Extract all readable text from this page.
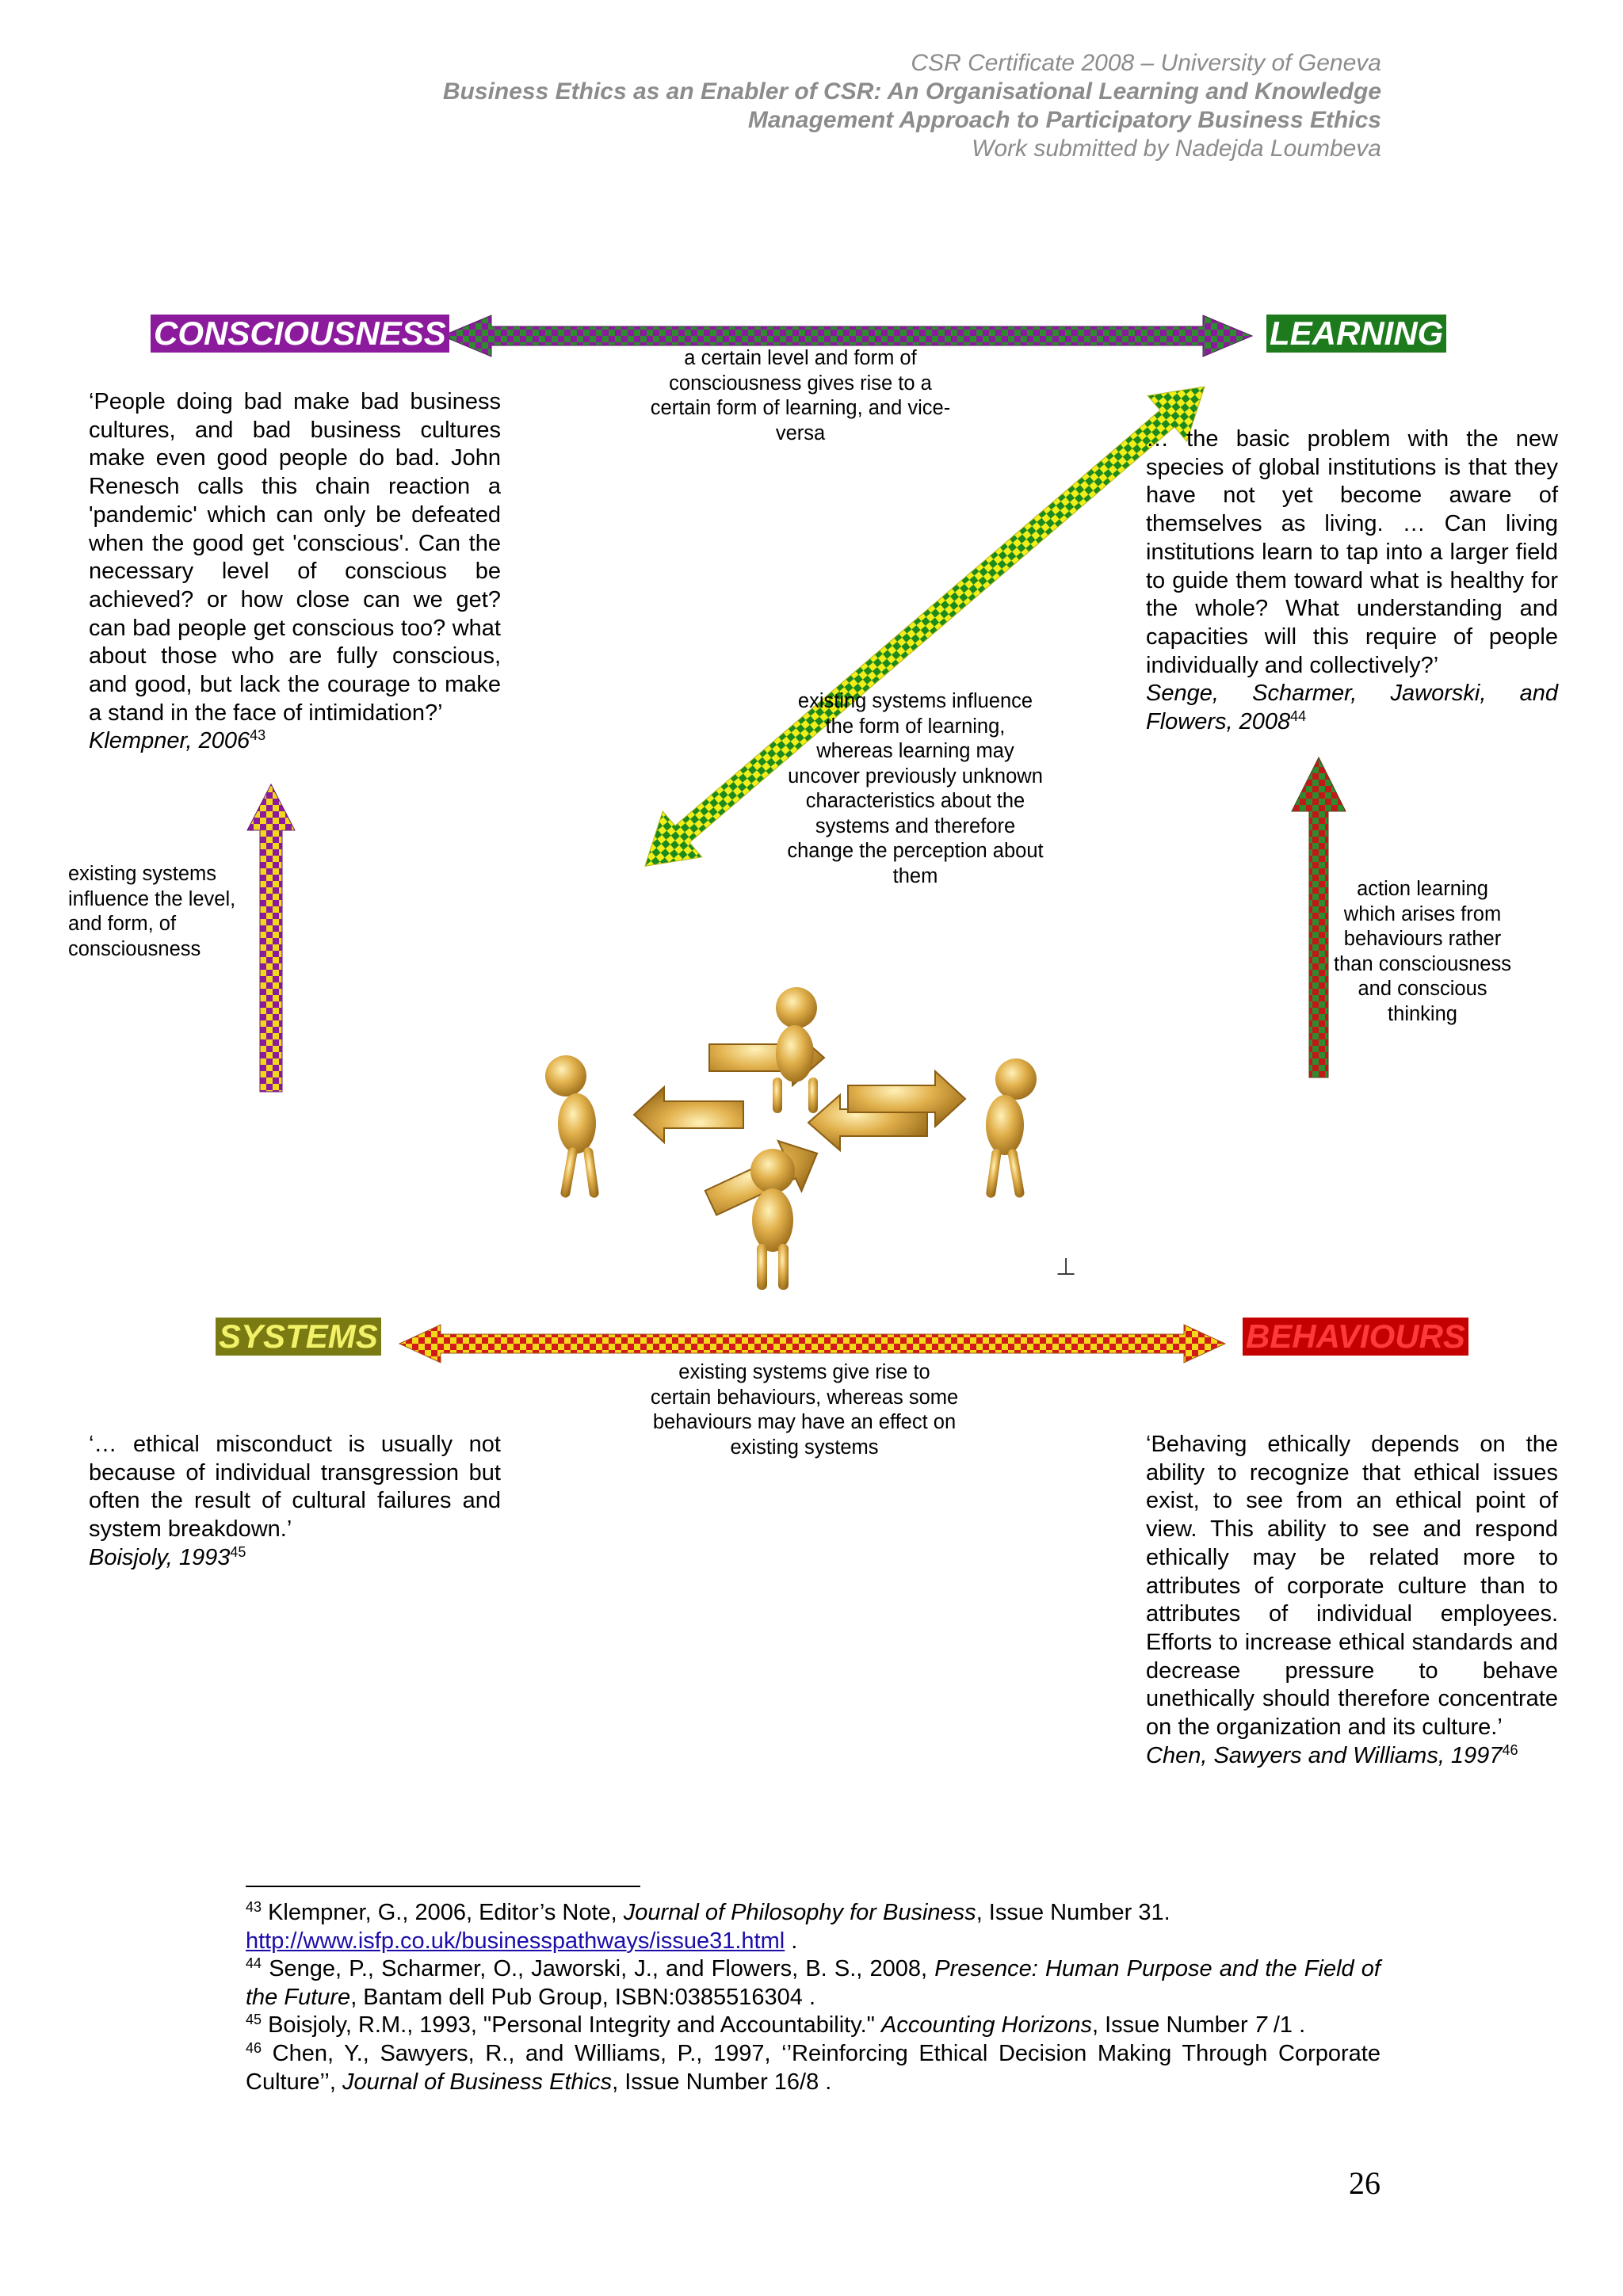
CSR Certificate 2008 – University of Geneva
Business Ethics as an Enabler of CSR: An Organisational Learning and Knowledge
Management Approach to Participatory Business Ethics
Work submitted by Nadejda Loumbeva
CONSCIOUSNESS	LEARNING
SYSTEMS	BEHAVIOURS
a certain level and form of consciousness gives rise to a certain form of learning, and vice-versa
existing systems influence the form of learning, whereas learning may uncover previously unknown characteristics about the systems and therefore change the perception about them
existing systems influence the level, and form, of consciousness
action learning which arises from behaviours rather than consciousness and conscious thinking
existing systems give rise to certain behaviours, whereas some behaviours may have an effect on existing systems
⊥
‘People doing bad make bad business cultures, and bad business cultures make even good people do bad. John Renesch calls this chain reaction a 'pandemic' which can only be defeated when the good get 'conscious'. Can the necessary level of conscious be achieved? or how close can we get? can bad people get conscious too? what about those who are fully conscious, and good, but lack the courage to make a stand in the face of intimidation?’
Klempner, 2006$^{43}$
… the basic problem with the new species of global institutions is that they have not yet become aware of themselves as living. … Can living institutions learn to tap into a larger field to guide them toward what is healthy for the whole? What understanding and capacities will this require of people individually and collectively?’
Senge, Scharmer, Jaworski, and Flowers, 2008$^{44}$
‘… ethical misconduct is usually not because of individual transgression but often the result of cultural failures and system breakdown.’
Boisjoly, 1993$^{45}$
‘Behaving ethically depends on the ability to recognize that ethical issues exist, to see from an ethical point of view. This ability to see and respond ethically may be related more to attributes of corporate culture than to attributes of individual employees. Efforts to increase ethical standards and decrease pressure to behave unethically should therefore concentrate on the organization and its culture.’
Chen, Sawyers and Williams, 1997$^{46}$
$^{43}$ Klempner, G., 2006, Editor’s Note, Journal of Philosophy for Business, Issue Number 31.
http://www.isfp.co.uk/businesspathways/issue31.html .
$^{44}$ Senge, P., Scharmer, O., Jaworski, J., and Flowers, B. S., 2008, Presence: Human Purpose and the Field of the Future, Bantam dell Pub Group, ISBN:0385516304 .
$^{45}$ Boisjoly, R.M., 1993, "Personal Integrity and Accountability." Accounting Horizons, Issue Number 7 /1 .
$^{46}$ Chen, Y., Sawyers, R., and Williams, P., 1997, ‘’Reinforcing Ethical Decision Making Through Corporate Culture’’, Journal of Business Ethics, Issue Number 16/8 .
26
